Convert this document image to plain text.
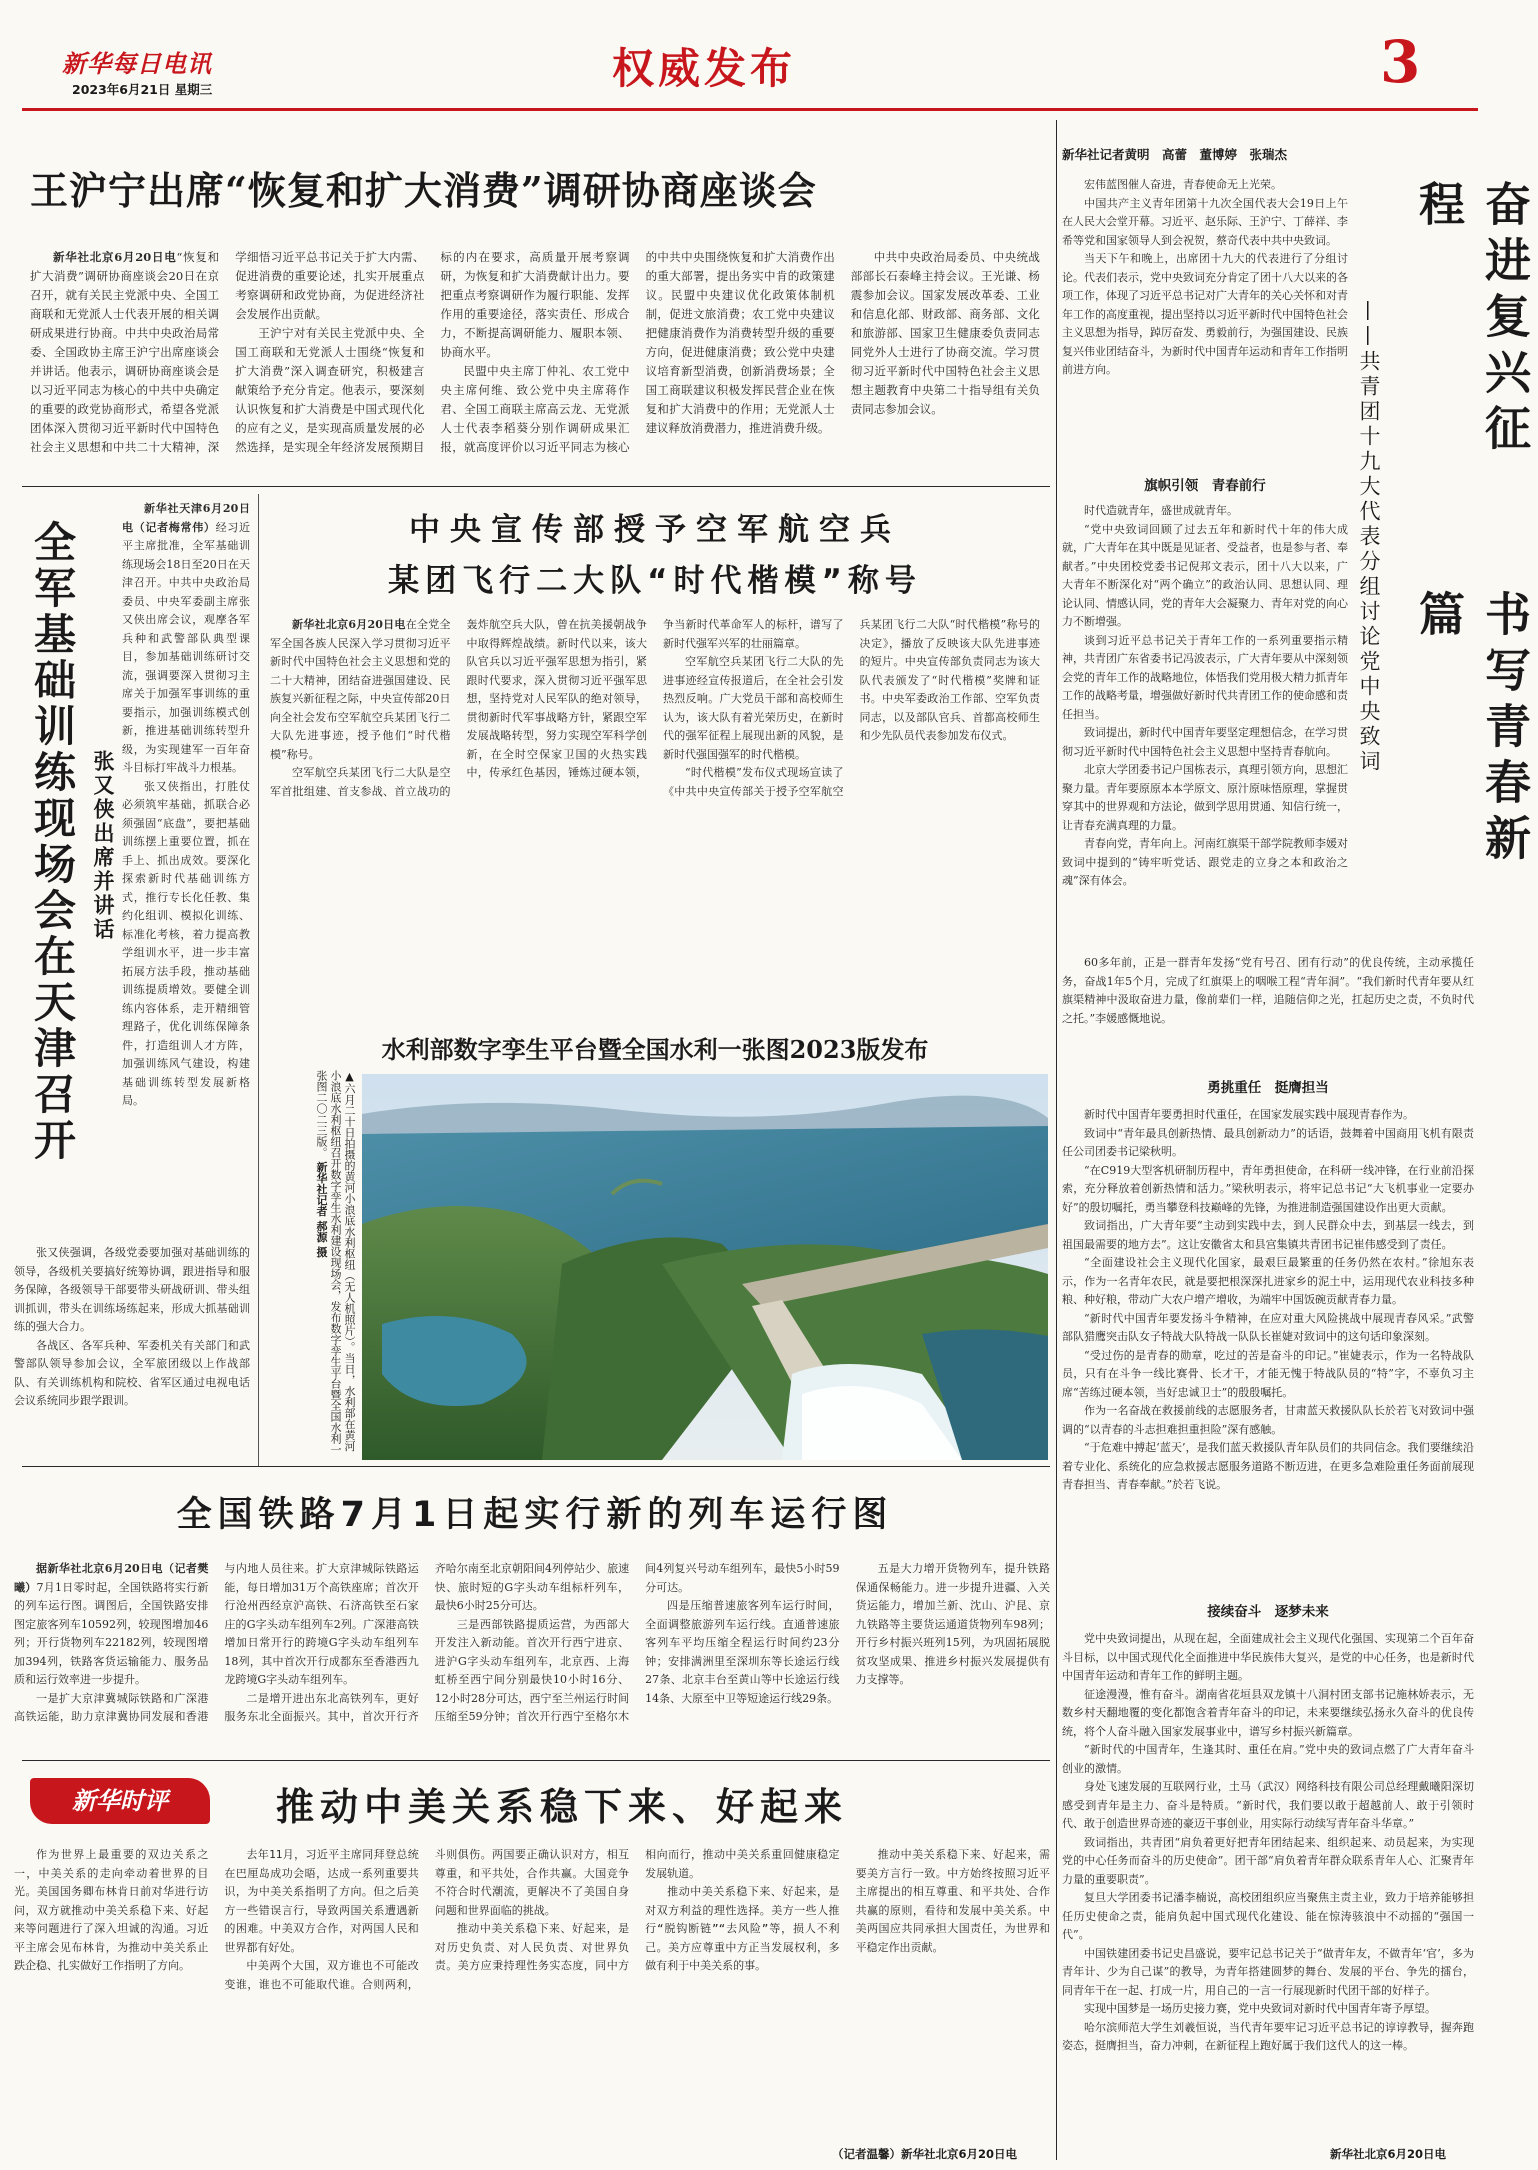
新华每日电讯
2023年6月21日 星期三	权威发布	3
王沪宁出席“恢复和扩大消费”调研协商座谈会

新华社北京6月20日电“恢复和扩大消费”调研协商座谈会20日在京召开，就有关民主党派中央、全国工商联和无党派人士代表开展的相关调研成果进行协商。中共中央政治局常委、全国政协主席王沪宁出席座谈会并讲话。他表示，调研协商座谈会是以习近平同志为核心的中共中央确定的重要的政党协商形式，希望各党派团体深入贯彻习近平新时代中国特色社会主义思想和中共二十大精神，深学细悟习近平总书记关于扩大内需、促进消费的重要论述，扎实开展重点考察调研和政党协商，为促进经济社会发展作出贡献。

王沪宁对有关民主党派中央、全国工商联和无党派人士围绕“恢复和扩大消费”深入调查研究，积极建言献策给予充分肯定。他表示，要深刻认识恢复和扩大消费是中国式现代化的应有之义，是实现高质量发展的必然选择，是实现全年经济发展预期目标的内在要求，高质量开展考察调研，为恢复和扩大消费献计出力。要把重点考察调研作为履行职能、发挥作用的重要途径，落实责任、形成合力，不断提高调研能力、履职本领、协商水平。

民盟中央主席丁仲礼、农工党中央主席何维、致公党中央主席蒋作君、全国工商联主席高云龙、无党派人士代表李稻葵分别作调研成果汇报，就高度评价以习近平同志为核心的中共中央围绕恢复和扩大消费作出的重大部署，提出务实中肯的政策建议。民盟中央建议优化政策体制机制，促进文旅消费；农工党中央建议把健康消费作为消费转型升级的重要方向，促进健康消费；致公党中央建议培育新型消费，创新消费场景；全国工商联建议积极发挥民营企业在恢复和扩大消费中的作用；无党派人士建议释放消费潜力，推进消费升级。

中共中央政治局委员、中央统战部部长石泰峰主持会议。王光谦、杨震参加会议。国家发展改革委、工业和信息化部、财政部、商务部、文化和旅游部、国家卫生健康委负责同志同党外人士进行了协商交流。学习贯彻习近平新时代中国特色社会主义思想主题教育中央第二十指导组有关负责同志参加会议。

全军基础训练现场会在天津召开 张又侠出席并讲话

新华社天津6月20日电（记者梅常伟）经习近平主席批准，全军基础训练现场会18日至20日在天津召开。中共中央政治局委员、中央军委副主席张又侠出席会议，观摩各军兵种和武警部队典型课目，参加基础训练研讨交流，强调要深入贯彻习主席关于加强军事训练的重要指示，加强训练模式创新，推进基础训练转型升级，为实现建军一百年奋斗目标打牢战斗力根基。

张又侠指出，打胜仗必须筑牢基础，抓联合必须强固“底盘”，要把基础训练摆上重要位置，抓在手上、抓出成效。要深化探索新时代基础训练方式，推行专长化任教、集约化组训、模拟化训练、标准化考核，着力提高教学组训水平，进一步丰富拓展方法手段，推动基础训练提质增效。要健全训练内容体系，走开精细管理路子，优化训练保障条件，打造组训人才方阵，加强训练风气建设，构建基础训练转型发展新格局。

张又侠强调，各级党委要加强对基础训练的领导，各级机关要搞好统筹协调，跟进指导和服务保障，各级领导干部要带头研战研训、带头组训抓训，带头在训练场练起来，形成大抓基础训练的强大合力。

各战区、各军兵种、军委机关有关部门和武警部队领导参加会议，全军旅团级以上作战部队、有关训练机构和院校、省军区通过电视电话会议系统同步跟学跟训。

中央宣传部授予空军航空兵
某团飞行二大队“时代楷模”称号

新华社北京6月20日电在全党全军全国各族人民深入学习贯彻习近平新时代中国特色社会主义思想和党的二十大精神，团结奋进强国建设、民族复兴新征程之际，中央宣传部20日向全社会发布空军航空兵某团飞行二大队先进事迹，授予他们“时代楷模”称号。

空军航空兵某团飞行二大队是空军首批组建、首支参战、首立战功的轰炸航空兵大队，曾在抗美援朝战争中取得辉煌战绩。新时代以来，该大队官兵以习近平强军思想为指引，紧跟时代要求，深入贯彻习近平强军思想，坚持党对人民军队的绝对领导，贯彻新时代军事战略方针，紧跟空军发展战略转型，努力实现空军科学创新，在全时空保家卫国的火热实践中，传承红色基因，锤炼过硬本领，争当新时代革命军人的标杆，谱写了新时代强军兴军的壮丽篇章。

空军航空兵某团飞行二大队的先进事迹经宣传报道后，在全社会引发热烈反响。广大党员干部和高校师生认为，该大队有着光荣历史，在新时代的强军征程上展现出新的风貌，是新时代强国强军的时代楷模。

“时代楷模”发布仪式现场宣读了《中共中央宣传部关于授予空军航空兵某团飞行二大队“时代楷模”称号的决定》，播放了反映该大队先进事迹的短片。中央宣传部负责同志为该大队代表颁发了“时代楷模”奖牌和证书。中央军委政治工作部、空军负责同志，以及部队官兵、首都高校师生和少先队员代表参加发布仪式。

水利部数字孪生平台暨全国水利一张图2023版发布
▲六月二十日拍摄的黄河小浪底水利枢纽（无人机照片）。当日，水利部在黄河小浪底水利枢纽召开数字孪生水利建设现场会，发布数字孪生平台暨全国水利一张图二〇二三版。 新华社记者 郝源 摄
全国铁路7月1日起实行新的列车运行图

据新华社北京6月20日电（记者樊曦）7月1日零时起，全国铁路将实行新的列车运行图。调图后，全国铁路安排图定旅客列车10592列，较现图增加46列；开行货物列车22182列，较现图增加394列，铁路客货运输能力、服务品质和运行效率进一步提升。

一是扩大京津冀城际铁路和广深港高铁运能，助力京津冀协同发展和香港与内地人员往来。扩大京津城际铁路运能，每日增加31万个高铁座席；首次开行沧州西经京沪高铁、石济高铁至石家庄的G字头动车组列车2列。广深港高铁增加日常开行的跨境G字头动车组列车18列，其中首次开行成都东至香港西九龙跨境G字头动车组列车。

二是增开进出东北高铁列车，更好服务东北全面振兴。其中，首次开行齐齐哈尔南至北京朝阳间4列停站少、旅速快、旅时短的G字头动车组标杆列车，最快6小时25分可达。

三是西部铁路提质运营，为西部大开发注入新动能。首次开行西宁进京、进沪G字头动车组列车，北京西、上海虹桥至西宁间分别最快10小时16分、12小时28分可达，西宁至兰州运行时间压缩至59分钟；首次开行西宁至格尔木间4列复兴号动车组列车，最快5小时59分可达。

四是压缩普速旅客列车运行时间，全面调整旅游列车运行线。直通普速旅客列车平均压缩全程运行时间约23分钟；安排满洲里至深圳东等长途运行线27条、北京丰台至黄山等中长途运行线14条、大原至中卫等短途运行线29条。

五是大力增开货物列车，提升铁路保通保畅能力。进一步提升进疆、入关货运能力，增加兰新、沈山、沪昆、京九铁路等主要货运通道货物列车98列；开行乡村振兴班列15列，为巩固拓展脱贫攻坚成果、推进乡村振兴发展提供有力支撑等。

新华时评	推动中美关系稳下来、好起来

作为世界上最重要的双边关系之一，中美关系的走向牵动着世界的目光。美国国务卿布林肯日前对华进行访问，双方就推动中美关系稳下来、好起来等问题进行了深入坦诚的沟通。习近平主席会见布林肯，为推动中美关系止跌企稳、扎实做好工作指明了方向。

去年11月，习近平主席同拜登总统在巴厘岛成功会晤，达成一系列重要共识，为中美关系指明了方向。但之后美方一些错误言行，导致两国关系遭遇新的困难。中美双方合作，对两国人民和世界都有好处。

中美两个大国，双方谁也不可能改变谁，谁也不可能取代谁。合则两利，斗则俱伤。两国要正确认识对方，相互尊重，和平共处，合作共赢。大国竞争不符合时代潮流，更解决不了美国自身问题和世界面临的挑战。

推动中美关系稳下来、好起来，是对历史负责、对人民负责、对世界负责。美方应秉持理性务实态度，同中方相向而行，推动中美关系重回健康稳定发展轨道。

推动中美关系稳下来、好起来，是对双方利益的理性选择。美方一些人推行“脱钩断链”“去风险”等，损人不利己。美方应尊重中方正当发展权利，多做有利于中美关系的事。

推动中美关系稳下来、好起来，需要美方言行一致。中方始终按照习近平主席提出的相互尊重、和平共处、合作共赢的原则，看待和发展中美关系。中美两国应共同承担大国责任，为世界和平稳定作出贡献。

（记者温馨）新华社北京6月20日电
新华社记者黄明　高蕾　董博婷　张瑞杰
奋进复兴征程
书写青春新篇
——共青团十九大代表分组讨论党中央致词

宏伟蓝图催人奋进，青春使命无上光荣。

中国共产主义青年团第十九次全国代表大会19日上午在人民大会堂开幕。习近平、赵乐际、王沪宁、丁薛祥、李希等党和国家领导人到会祝贺，蔡奇代表中共中央致词。

当天下午和晚上，出席团十九大的代表进行了分组讨论。代表们表示，党中央致词充分肯定了团十八大以来的各项工作，体现了习近平总书记对广大青年的关心关怀和对青年工作的高度重视，提出坚持以习近平新时代中国特色社会主义思想为指导，踔厉奋发、勇毅前行，为强国建设、民族复兴伟业团结奋斗，为新时代中国青年运动和青年工作指明前进方向。

旗帜引领　青春前行

时代造就青年，盛世成就青年。

“党中央致词回顾了过去五年和新时代十年的伟大成就，广大青年在其中既是见证者、受益者，也是参与者、奉献者。”中央团校党委书记倪邦文表示，团十八大以来，广大青年不断深化对“两个确立”的政治认同、思想认同、理论认同、情感认同，党的青年大会凝聚力、青年对党的向心力不断增强。

谈到习近平总书记关于青年工作的一系列重要指示精神，共青团广东省委书记冯波表示，广大青年要从中深刻领会党的青年工作的战略地位，体悟我们党用极大精力抓青年工作的战略考量，增强做好新时代共青团工作的使命感和责任担当。

致词提出，新时代中国青年要坚定理想信念，在学习贯彻习近平新时代中国特色社会主义思想中坚持青春航向。

北京大学团委书记户国栋表示，真理引领方向，思想汇聚力量。青年要原原本本学原文、原汁原味悟原理，掌握贯穿其中的世界观和方法论，做到学思用贯通、知信行统一，让青春充满真理的力量。

青春向党，青年向上。河南红旗渠干部学院教师李媛对致词中提到的“铸牢听党话、跟党走的立身之本和政治之魂”深有体会。

60多年前，正是一群青年发扬“党有号召、团有行动”的优良传统，主动承揽任务，奋战1年5个月，完成了红旗渠上的咽喉工程“青年洞”。“我们新时代青年要从红旗渠精神中汲取奋进力量，像前辈们一样，追随信仰之光，扛起历史之责，不负时代之托。”李媛感慨地说。

勇挑重任　挺膺担当

新时代中国青年要勇担时代重任，在国家发展实践中展现青春作为。

致词中“青年最具创新热情、最具创新动力”的话语，鼓舞着中国商用飞机有限责任公司团委书记梁秋明。

“在C919大型客机研制历程中，青年勇担使命，在科研一线冲锋，在行业前沿探索，充分释放着创新热情和活力。”梁秋明表示，将牢记总书记“大飞机事业一定要办好”的殷切嘱托，勇当攀登科技巅峰的先锋，为推进制造强国建设作出更大贡献。

致词指出，广大青年要“主动到实践中去，到人民群众中去，到基层一线去，到祖国最需要的地方去”。这让安徽省太和县宫集镇共青团书记崔伟感受到了责任。

“全面建设社会主义现代化国家，最艰巨最繁重的任务仍然在农村。”徐旭东表示，作为一名青年农民，就是要把根深深扎进家乡的泥土中，运用现代农业科技多种粮、种好粮，带动广大农户增产增收，为端牢中国饭碗贡献青春力量。

“新时代中国青年要发扬斗争精神，在应对重大风险挑战中展现青春风采。”武警部队猎鹰突击队女子特战大队特战一队队长崔婕对致词中的这句话印象深刻。

“受过伤的是青春的勋章，吃过的苦是奋斗的印记。”崔婕表示，作为一名特战队员，只有在斗争一线比赛骨、长才干，才能无愧于特战队员的“特”字，不辜负习主席“苦练过硬本领，当好忠诚卫士”的殷殷嘱托。

作为一名奋战在救援前线的志愿服务者，甘肃蓝天救援队队长於若飞对致词中强调的“以青春的斗志担难担重担险”深有感触。

“于危难中搏起‘蓝天’，是我们蓝天救援队青年队员们的共同信念。我们要继续沿着专业化、系统化的应急救援志愿服务道路不断迈进，在更多急难险重任务面前展现青春担当、青春奉献。”於若飞说。

接续奋斗　逐梦未来

党中央致词提出，从现在起，全面建成社会主义现代化强国、实现第二个百年奋斗目标，以中国式现代化全面推进中华民族伟大复兴，是党的中心任务，也是新时代中国青年运动和青年工作的鲜明主题。

征途漫漫，惟有奋斗。湖南省花垣县双龙镇十八洞村团支部书记施林娇表示，无数乡村天翻地覆的变化都饱含着青年奋斗的印记，未来要继续弘扬永久奋斗的优良传统，将个人奋斗融入国家发展事业中，谱写乡村振兴新篇章。

“新时代的中国青年，生逢其时、重任在肩。”党中央的致词点燃了广大青年奋斗创业的激情。

身处飞速发展的互联网行业，土马（武汉）网络科技有限公司总经理戴曦阳深切感受到青年是主力、奋斗是特质。“新时代，我们要以敢于超越前人、敢于引领时代、敢于创造世界奇迹的豪迈干事创业，用实际行动续写青年奋斗华章。”

致词指出，共青团“肩负着更好把青年团结起来、组织起来、动员起来，为实现党的中心任务而奋斗的历史使命”。团干部“肩负着青年群众联系青年人心、汇聚青年力量的重要职责”。

复旦大学团委书记潘李楠说，高校团组织应当聚焦主责主业，致力于培养能够担任历史使命之责，能肩负起中国式现代化建设、能在惊涛骇浪中不动摇的“强国一代”。

中国铁建团委书记史昌盛说，要牢记总书记关于“做青年友，不做青年‘官’，多为青年计、少为自己谋”的教导，为青年搭建圆梦的舞台、发展的平台、争先的擂台，同青年干在一起、打成一片，用自己的一言一行展现新时代团干部的好样子。

实现中国梦是一场历史接力赛，党中央致词对新时代中国青年寄予厚望。

哈尔滨师范大学生刘羲恒说，当代青年要牢记习近平总书记的谆谆教导，握奔跑姿态，挺膺担当，奋力冲刺，在新征程上跑好属于我们这代人的这一棒。

新华社北京6月20日电
